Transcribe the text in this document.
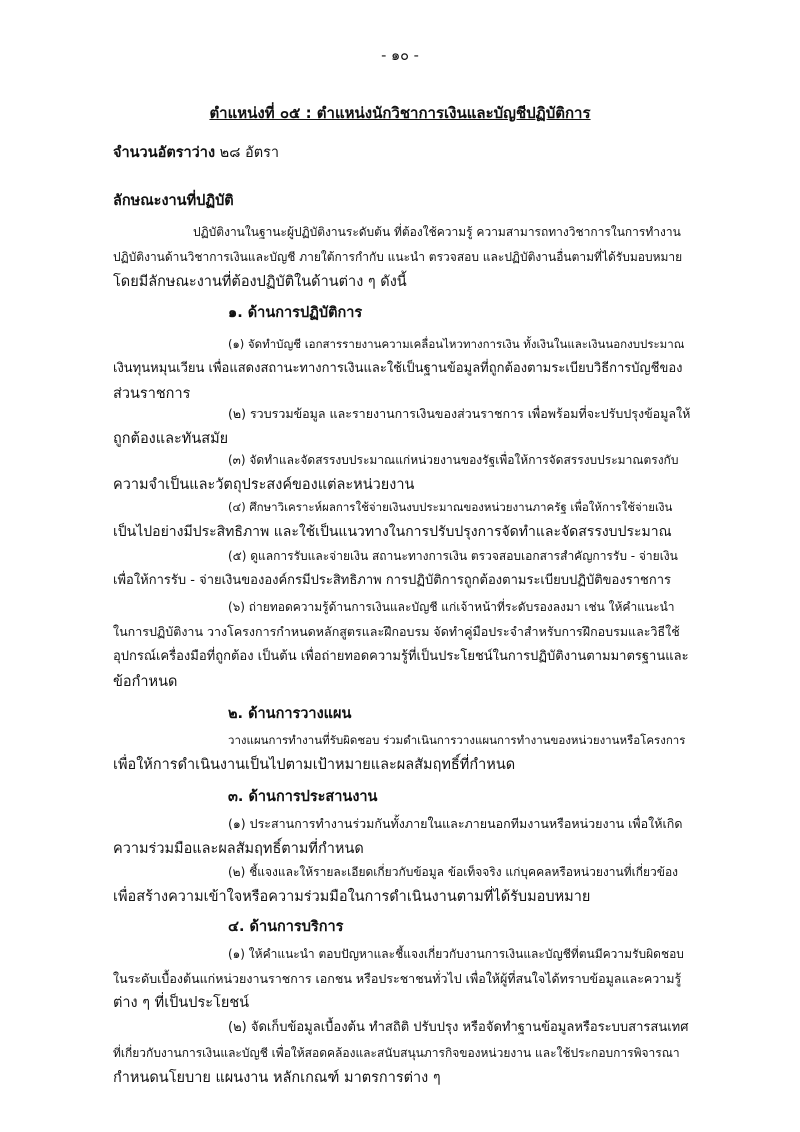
- ๑๐ -
ตำแหน่งที่ ๐๕ : ตำแหน่งนักวิชาการเงินและบัญชีปฏิบัติการ
จำนวนอัตราว่าง ๒๘ อัตรา
ลักษณะงานที่ปฏิบัติ
ปฏิบัติงานในฐานะผู้ปฏิบัติงานระดับต้น ที่ต้องใช้ความรู้ ความสามารถทางวิชาการในการทำงาน
ปฏิบัติงานด้านวิชาการเงินและบัญชี ภายใต้การกำกับ แนะนำ ตรวจสอบ และปฏิบัติงานอื่นตามที่ได้รับมอบหมาย
โดยมีลักษณะงานที่ต้องปฏิบัติในด้านต่าง ๆ ดังนี้
๑. ด้านการปฏิบัติการ
(๑) จัดทำบัญชี เอกสารรายงานความเคลื่อนไหวทางการเงิน ทั้งเงินในและเงินนอกงบประมาณ
เงินทุนหมุนเวียน เพื่อแสดงสถานะทางการเงินและใช้เป็นฐานข้อมูลที่ถูกต้องตามระเบียบวิธีการบัญชีของ
ส่วนราชการ
(๒) รวบรวมข้อมูล และรายงานการเงินของส่วนราชการ เพื่อพร้อมที่จะปรับปรุงข้อมูลให้
ถูกต้องและทันสมัย
(๓) จัดทำและจัดสรรงบประมาณแก่หน่วยงานของรัฐเพื่อให้การจัดสรรงบประมาณตรงกับ
ความจำเป็นและวัตถุประสงค์ของแต่ละหน่วยงาน
(๔) ศึกษาวิเคราะห์ผลการใช้จ่ายเงินงบประมาณของหน่วยงานภาครัฐ เพื่อให้การใช้จ่ายเงิน
เป็นไปอย่างมีประสิทธิภาพ และใช้เป็นแนวทางในการปรับปรุงการจัดทำและจัดสรรงบประมาณ
(๕) ดูแลการรับและจ่ายเงิน สถานะทางการเงิน ตรวจสอบเอกสารสำคัญการรับ - จ่ายเงิน
เพื่อให้การรับ - จ่ายเงินขององค์กรมีประสิทธิภาพ การปฏิบัติการถูกต้องตามระเบียบปฏิบัติของราชการ
(๖) ถ่ายทอดความรู้ด้านการเงินและบัญชี แก่เจ้าหน้าที่ระดับรองลงมา เช่น ให้คำแนะนำ
ในการปฏิบัติงาน วางโครงการกำหนดหลักสูตรและฝึกอบรม จัดทำคู่มือประจำสำหรับการฝึกอบรมและวิธีใช้
อุปกรณ์เครื่องมือที่ถูกต้อง เป็นต้น เพื่อถ่ายทอดความรู้ที่เป็นประโยชน์ในการปฏิบัติงานตามมาตรฐานและ
ข้อกำหนด
๒. ด้านการวางแผน
วางแผนการทำงานที่รับผิดชอบ ร่วมดำเนินการวางแผนการทำงานของหน่วยงานหรือโครงการ
เพื่อให้การดำเนินงานเป็นไปตามเป้าหมายและผลสัมฤทธิ์ที่กำหนด
๓. ด้านการประสานงาน
(๑) ประสานการทำงานร่วมกันทั้งภายในและภายนอกทีมงานหรือหน่วยงาน เพื่อให้เกิด
ความร่วมมือและผลสัมฤทธิ์ตามที่กำหนด
(๒) ชี้แจงและให้รายละเอียดเกี่ยวกับข้อมูล ข้อเท็จจริง แก่บุคคลหรือหน่วยงานที่เกี่ยวข้อง
เพื่อสร้างความเข้าใจหรือความร่วมมือในการดำเนินงานตามที่ได้รับมอบหมาย
๔. ด้านการบริการ
(๑) ให้คำแนะนำ ตอบปัญหาและชี้แจงเกี่ยวกับงานการเงินและบัญชีที่ตนมีความรับผิดชอบ
ในระดับเบื้องต้นแก่หน่วยงานราชการ เอกชน หรือประชาชนทั่วไป เพื่อให้ผู้ที่สนใจได้ทราบข้อมูลและความรู้
ต่าง ๆ ที่เป็นประโยชน์
(๒) จัดเก็บข้อมูลเบื้องต้น ทำสถิติ ปรับปรุง หรือจัดทำฐานข้อมูลหรือระบบสารสนเทศ
ที่เกี่ยวกับงานการเงินและบัญชี เพื่อให้สอดคล้องและสนับสนุนภารกิจของหน่วยงาน และใช้ประกอบการพิจารณา
กำหนดนโยบาย แผนงาน หลักเกณฑ์ มาตรการต่าง ๆ
